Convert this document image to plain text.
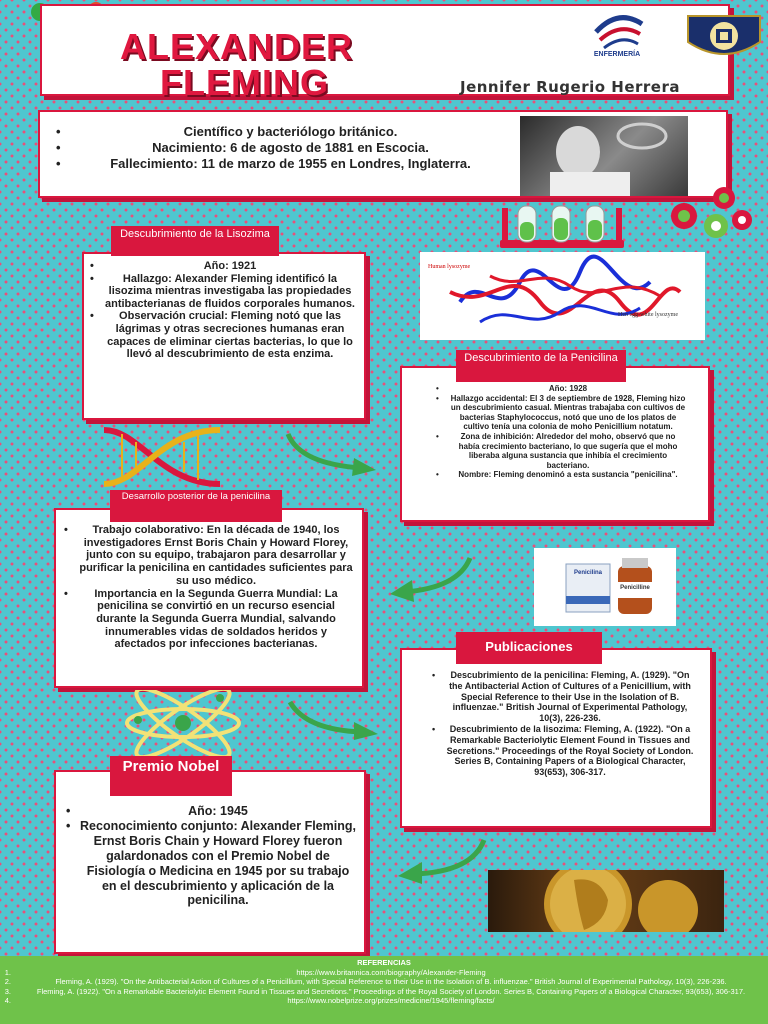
ALEXANDER
FLEMING	Jennifer Rugerio Herrera
ENFERMERÍA
• Científico y bacteriólogo británico.
• Nacimiento: 6 de agosto de 1881 en Escocia.
• Fallecimiento: 11 de marzo de 1955 en Londres, Inglaterra.
• Año: 1921
• Hallazgo: Alexander Fleming identificó la lisozima mientras investigaba las propiedades antibacterianas de fluidos corporales humanos.
• Observación crucial: Fleming notó que las lágrimas y otras secreciones humanas eran capaces de eliminar ciertas bacterias, lo que lo llevó al descubrimiento de esta enzima.
Descubrimiento de la Lisozima
Human lysozyme
Hen egg-white lysozyme
• Año: 1928
• Hallazgo accidental: El 3 de septiembre de 1928, Fleming hizo un descubrimiento casual. Mientras trabajaba con cultivos de bacterias Staphylococcus, notó que uno de los platos de cultivo tenía una colonia de moho Penicillium notatum.
• Zona de inhibición: Alrededor del moho, observó que no había crecimiento bacteriano, lo que sugería que el moho liberaba alguna sustancia que inhibía el crecimiento bacteriano.
• Nombre: Fleming denominó a esta sustancia "penicilina".
Descubrimiento de la Penicilina
• Trabajo colaborativo: En la década de 1940, los investigadores Ernst Boris Chain y Howard Florey, junto con su equipo, trabajaron para desarrollar y purificar la penicilina en cantidades suficientes para su uso médico.
• Importancia en la Segunda Guerra Mundial: La penicilina se convirtió en un recurso esencial durante la Segunda Guerra Mundial, salvando innumerables vidas de soldados heridos y afectados por infecciones bacterianas.
Desarrollo posterior de la penicilina
Penicilina
Penicilline
• Descubrimiento de la penicilina: Fleming, A. (1929). "On the Antibacterial Action of Cultures of a Penicillium, with Special Reference to their Use in the Isolation of B. influenzae." British Journal of Experimental Pathology, 10(3), 226-236.
• Descubrimiento de la lisozima: Fleming, A. (1922). "On a Remarkable Bacteriolytic Element Found in Tissues and Secretions." Proceedings of the Royal Society of London. Series B, Containing Papers of a Biological Character, 93(653), 306-317.
Publicaciones
• Año: 1945
• Reconocimiento conjunto: Alexander Fleming, Ernst Boris Chain y Howard Florey fueron galardonados con el Premio Nobel de Fisiología o Medicina en 1945 por su trabajo en el descubrimiento y aplicación de la penicilina.
Premio Nobel
REFERENCIAS
1.	https://www.britannica.com/biography/Alexander-Fleming
2.	Fleming, A. (1929). "On the Antibacterial Action of Cultures of a Penicillium, with Special Reference to their Use in the Isolation of B. influenzae." British Journal of Experimental Pathology, 10(3), 226-236.
3.	Fleming, A. (1922). "On a Remarkable Bacteriolytic Element Found in Tissues and Secretions." Proceedings of the Royal Society of London. Series B, Containing Papers of a Biological Character, 93(653), 306-317.
4.	https://www.nobelprize.org/prizes/medicine/1945/fleming/facts/
